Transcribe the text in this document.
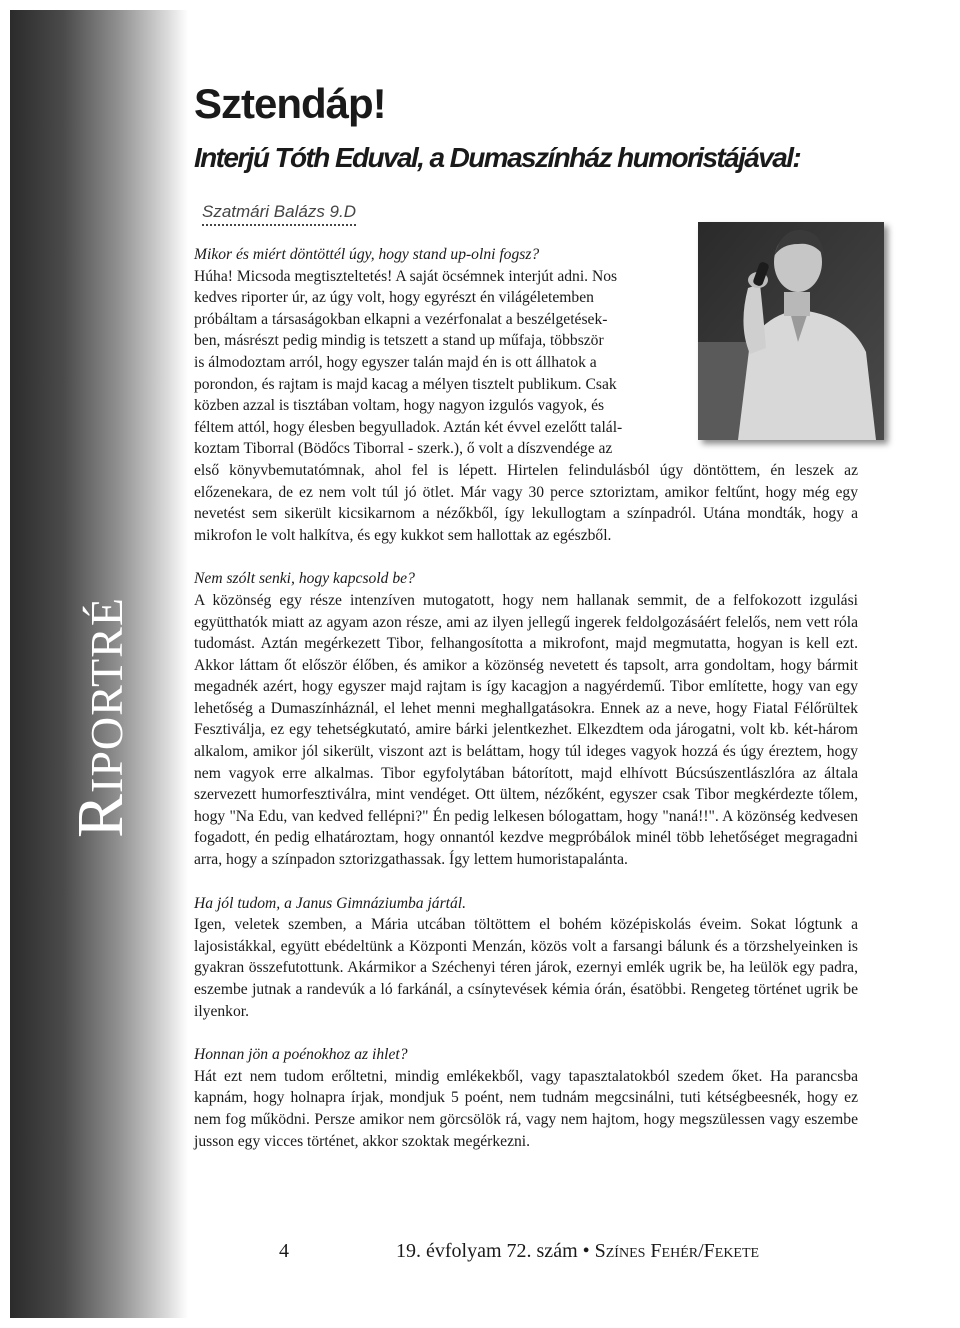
Riportré
Sztendáp!
Interjú Tóth Eduval, a Dumaszínház humoristájával:
Szatmári Balázs 9.D

Mikor és miért döntöttél úgy, hogy stand up-olni fogsz?

Húha! Micsoda megtiszteltetés! A saját öcsémnek interjút adni. Nos

kedves riporter úr, az úgy volt, hogy egyrészt én világéletemben

próbáltam a társaságokban elkapni a vezérfonalat a beszélgetések-

ben, másrészt pedig mindig is tetszett a stand up műfaja, többször

is álmodoztam arról, hogy egyszer talán majd én is ott állhatok a

porondon, és rajtam is majd kacag a mélyen tisztelt publikum. Csak

közben azzal is tisztában voltam, hogy nagyon izgulós vagyok, és

féltem attól, hogy élesben begyulladok. Aztán két évvel ezelőtt talál-

koztam Tiborral (Bödőcs Tiborral - szerk.), ő volt a díszvendége az

első könyvbemutatómnak, ahol fel is lépett. Hirtelen felindulásból úgy döntöttem, én leszek az előzenekara, de ez nem volt túl jó ötlet. Már vagy 30 perce sztoriztam, amikor feltűnt, hogy még egy nevetést sem sikerült kicsikarnom a nézőkből, így lekullogtam a színpadról. Utána mondták, hogy a mikrofon le volt halkítva, és egy kukkot sem hallottak az egészből.

Nem szólt senki, hogy kapcsold be?

A közönség egy része intenzíven mutogatott, hogy nem hallanak semmit, de a felfokozott izgulási együtthatók miatt az agyam azon része, ami az ilyen jellegű ingerek feldolgozásáért felelős, nem vett róla tudomást. Aztán megérkezett Tibor, felhangosította a mikrofont, majd megmutatta, hogyan is kell ezt. Akkor láttam őt először élőben, és amikor a közönség nevetett és tapsolt, arra gondoltam, hogy bármit megadnék azért, hogy egyszer majd rajtam is így kacagjon a nagyérdemű. Tibor említette, hogy van egy lehetőség a Dumaszínháznál, el lehet menni meghallgatásokra. Ennek az a neve, hogy Fiatal Félőrültek Fesztiválja, ez egy tehetségkutató, amire bárki jelentkezhet. Elkezdtem oda járogatni, volt kb. két-három alkalom, amikor jól sikerült, viszont azt is beláttam, hogy túl ideges vagyok hozzá és úgy éreztem, hogy nem vagyok erre alkalmas. Tibor egyfolytában bátorított, majd elhívott Búcsúszentlászlóra az általa szervezett humorfesztiválra, mint vendéget. Ott ültem, nézőként, egyszer csak Tibor megkérdezte tőlem, hogy "Na Edu, van kedved fellépni?" Én pedig lelkesen bólogattam, hogy "naná!!". A közönség kedvesen fogadott, én pedig elhatároztam, hogy onnantól kezdve megpróbálok minél több lehetőséget megragadni arra, hogy a színpadon sztorizgathassak. Így lettem humoristapalánta.

Ha jól tudom, a Janus Gimnáziumba jártál.

Igen, veletek szemben, a Mária utcában töltöttem el bohém középiskolás éveim. Sokat lógtunk a lajosistákkal, együtt ebédeltünk a Központi Menzán, közös volt a farsangi bálunk és a törzshelyeinken is gyakran összefutottunk. Akármikor a Széchenyi téren járok, ezernyi emlék ugrik be, ha leülök egy padra, eszembe jutnak a randevúk a ló farkánál, a csínytevések kémia órán, ésatöbbi. Rengeteg történet ugrik be ilyenkor.

Honnan jön a poénokhoz az ihlet?

Hát ezt nem tudom erőltetni, mindig emlékekből, vagy tapasztalatokból szedem őket. Ha parancsba kapnám, hogy holnapra írjak, mondjuk 5 poént, nem tudnám megcsinálni, tuti kétségbeesnék, hogy ez nem fog működni. Persze amikor nem görcsölök rá, vagy nem hajtom, hogy megszülessen vagy eszembe jusson egy vicces történet, akkor szoktak megérkezni.

4	19. évfolyam 72. szám • Színes Fehér/Fekete
